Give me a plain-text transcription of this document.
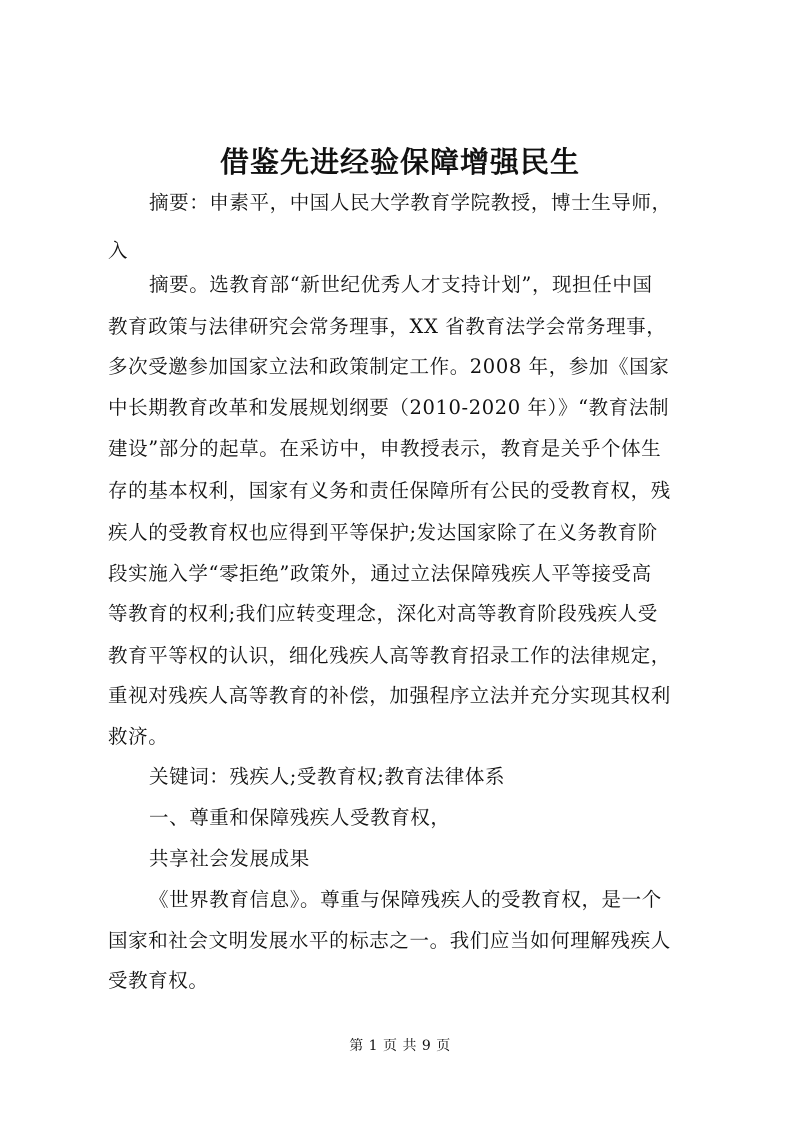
借鉴先进经验保障增强民生
摘要：申素平，中国人民大学教育学院教授，博士生导师，
入
摘要。选教育部“新世纪优秀人才支持计划”，现担任中国
教育政策与法律研究会常务理事，XX 省教育法学会常务理事，
多次受邀参加国家立法和政策制定工作。2008 年，参加《国家
中长期教育改革和发展规划纲要（2010-2020 年）》“教育法制
建设”部分的起草。在采访中，申教授表示，教育是关乎个体生
存的基本权利，国家有义务和责任保障所有公民的受教育权，残
疾人的受教育权也应得到平等保护;发达国家除了在义务教育阶
段实施入学“零拒绝”政策外，通过立法保障残疾人平等接受高
等教育的权利;我们应转变理念，深化对高等教育阶段残疾人受
教育平等权的认识，细化残疾人高等教育招录工作的法律规定，
重视对残疾人高等教育的补偿，加强程序立法并充分实现其权利
救济。
关键词：残疾人;受教育权;教育法律体系
一、尊重和保障残疾人受教育权，
共享社会发展成果
《世界教育信息》。尊重与保障残疾人的受教育权，是一个
国家和社会文明发展水平的标志之一。我们应当如何理解残疾人
受教育权。
第 1 页 共 9 页
